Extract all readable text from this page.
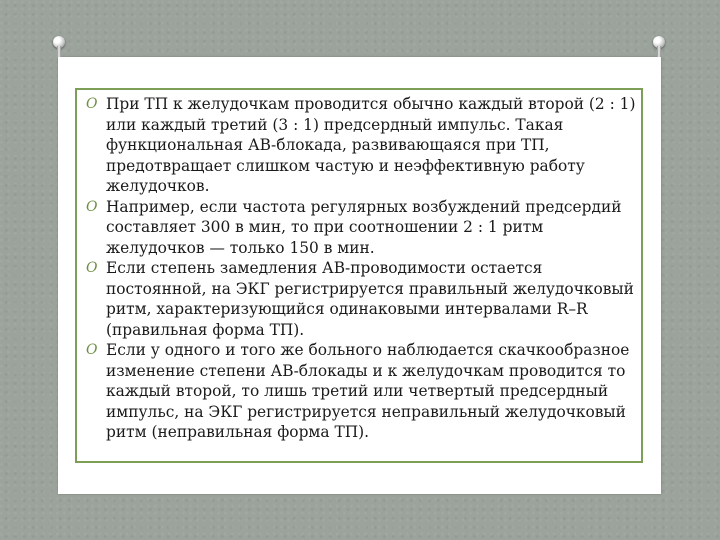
O При ТП к желудочкам проводится обычно каждый второй (2 : 1) или каждый третий (3 : 1) предсердный импульс. Такая функциональная АВ-блокада, развивающаяся при ТП, предотвращает слишком частую и неэффективную работу желудочков.
O Например, если частота регулярных возбуждений предсердий составляет 300 в мин, то при соотношении 2 : 1 ритм желудочков — только 150 в мин.
O Если степень замедления АВ-проводимости остается постоянной, на ЭКГ регистрируется правильный желудочковый ритм, характеризующийся одинаковыми интервалами R–R (правильная форма ТП).
O Если у одного и того же больного наблюдается скачкообразное изменение степени АВ-блокады и к желудочкам проводится то каждый второй, то лишь третий или четвертый предсердный импульс, на ЭКГ регистрируется неправильный желудочковый ритм (неправильная форма ТП).
